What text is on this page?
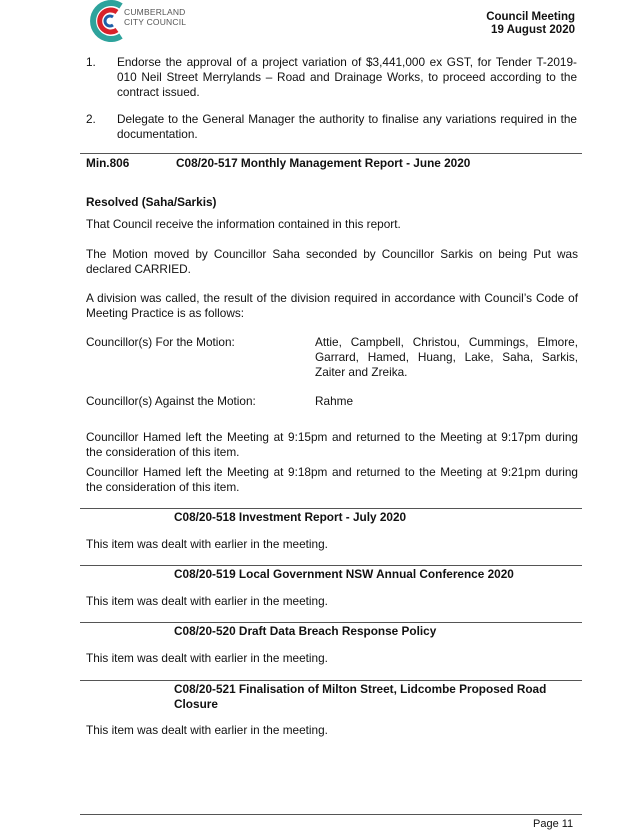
CUMBERLAND
CITY COUNCIL	Council Meeting
19 August 2020
1. Endorse the approval of a project variation of $3,441,000 ex GST, for Tender T-2019-010 Neil Street Merrylands – Road and Drainage Works, to proceed according to the contract issued.
2. Delegate to the General Manager the authority to finalise any variations required in the documentation.
Min.806	C08/20-517 Monthly Management Report - June 2020
Resolved (Saha/Sarkis)
That Council receive the information contained in this report.
The Motion moved by Councillor Saha seconded by Councillor Sarkis on being Put was declared CARRIED.
A division was called, the result of the division required in accordance with Council’s Code of Meeting Practice is as follows:
Councillor(s) For the Motion:	Attie, Campbell, Christou, Cummings, Elmore, Garrard, Hamed, Huang, Lake, Saha, Sarkis, Zaiter and Zreika.
Councillor(s) Against the Motion:	Rahme
Councillor Hamed left the Meeting at 9:15pm and returned to the Meeting at 9:17pm during the consideration of this item.
Councillor Hamed left the Meeting at 9:18pm and returned to the Meeting at 9:21pm during the consideration of this item.
C08/20-518 Investment Report - July 2020
This item was dealt with earlier in the meeting.
C08/20-519 Local Government NSW Annual Conference 2020
This item was dealt with earlier in the meeting.
C08/20-520 Draft Data Breach Response Policy
This item was dealt with earlier in the meeting.
C08/20-521 Finalisation of Milton Street, Lidcombe Proposed Road Closure
This item was dealt with earlier in the meeting.
Page 11
